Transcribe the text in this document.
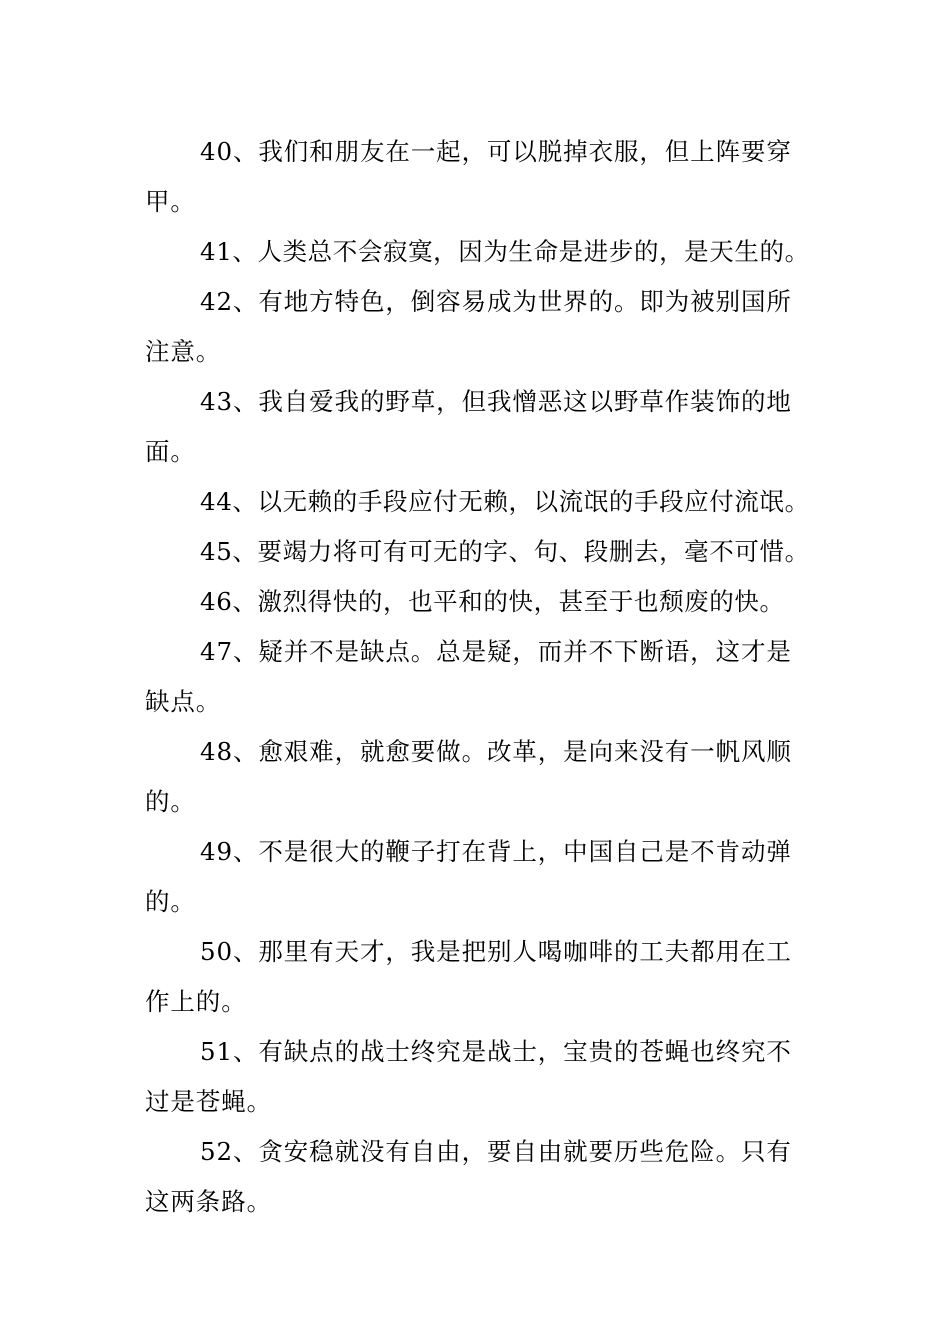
40、我们和朋友在一起，可以脱掉衣服，但上阵要穿甲。

41、人类总不会寂寞，因为生命是进步的，是天生的。

42、有地方特色，倒容易成为世界的。即为被别国所注意。

43、我自爱我的野草，但我憎恶这以野草作装饰的地面。

44、以无赖的手段应付无赖，以流氓的手段应付流氓。

45、要竭力将可有可无的字、句、段删去，毫不可惜。

46、激烈得快的，也平和的快，甚至于也颓废的快。

47、疑并不是缺点。总是疑，而并不下断语，这才是缺点。

48、愈艰难，就愈要做。改革，是向来没有一帆风顺的。

49、不是很大的鞭子打在背上，中国自己是不肯动弹的。

50、那里有天才，我是把别人喝咖啡的工夫都用在工作上的。

51、有缺点的战士终究是战士，宝贵的苍蝇也终究不过是苍蝇。

52、贪安稳就没有自由，要自由就要历些危险。只有这两条路。
